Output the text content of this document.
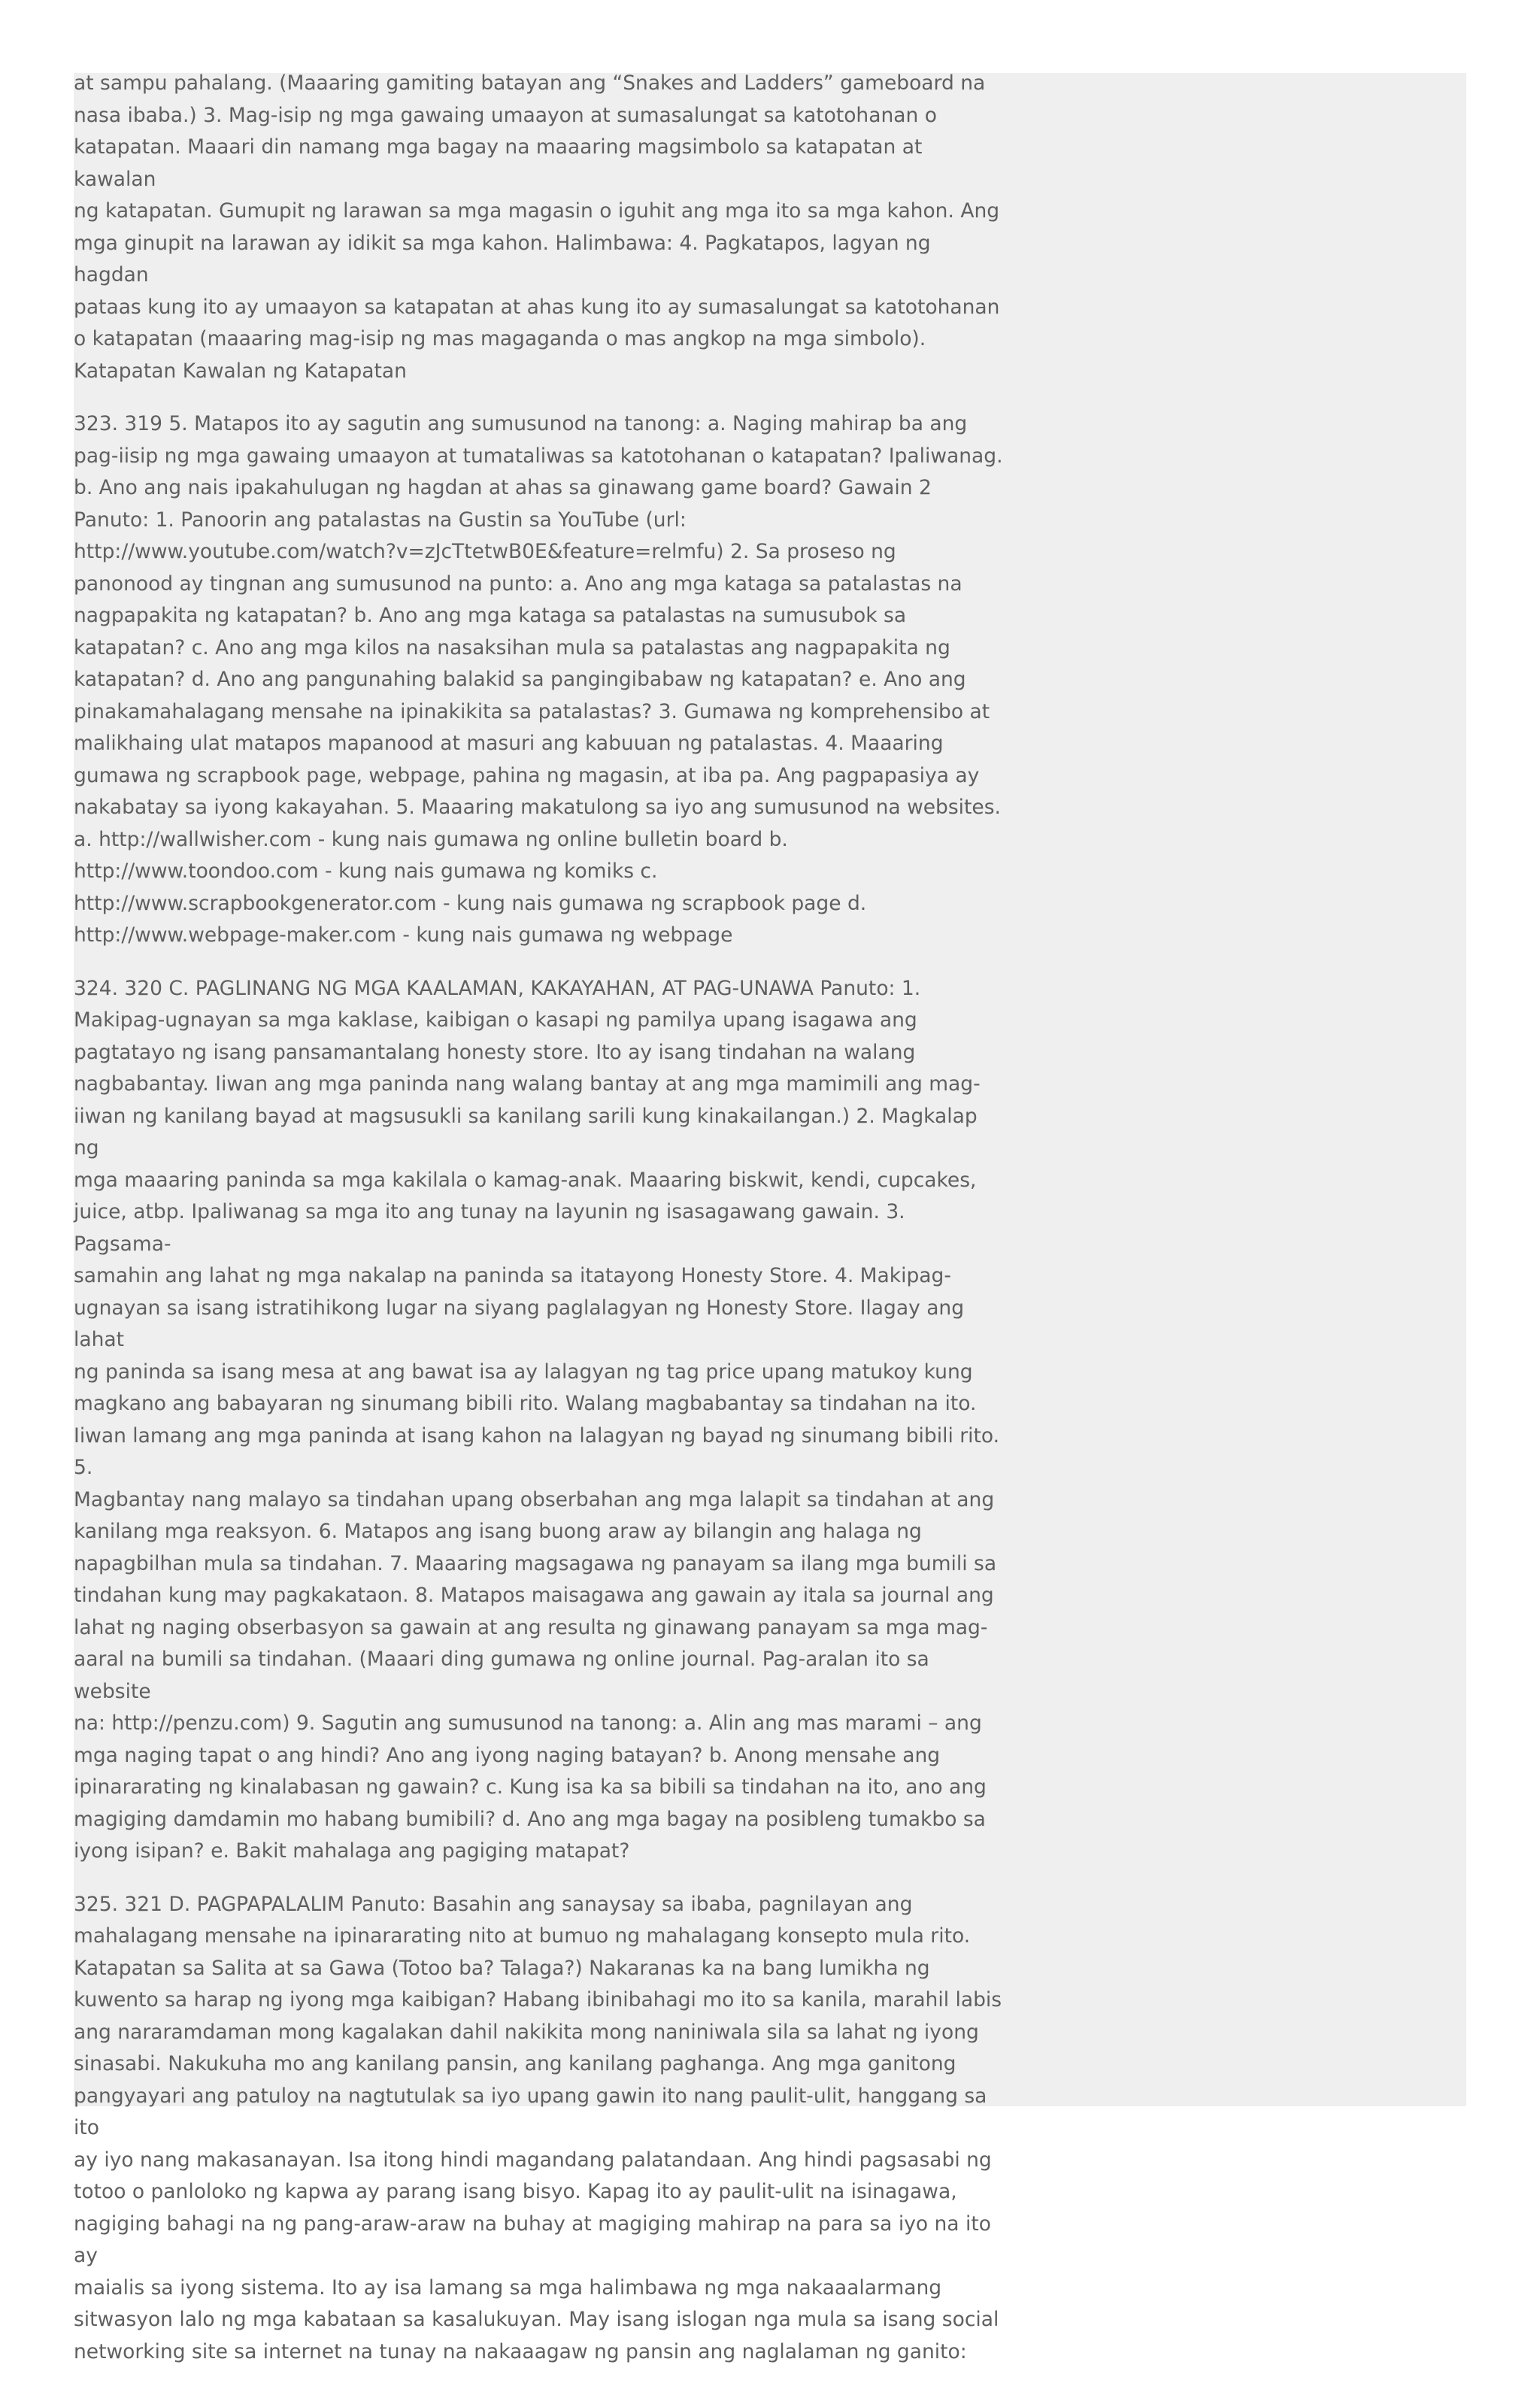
at sampu pahalang. (Maaaring gamiting batayan ang “Snakes and Ladders” gameboard na
nasa ibaba.) 3. Mag-isip ng mga gawaing umaayon at sumasalungat sa katotohanan o
katapatan. Maaari din namang mga bagay na maaaring magsimbolo sa katapatan at kawalan
ng katapatan. Gumupit ng larawan sa mga magasin o iguhit ang mga ito sa mga kahon. Ang
mga ginupit na larawan ay idikit sa mga kahon. Halimbawa: 4. Pagkatapos, lagyan ng hagdan
pataas kung ito ay umaayon sa katapatan at ahas kung ito ay sumasalungat sa katotohanan
o katapatan (maaaring mag-isip ng mas magaganda o mas angkop na mga simbolo).
Katapatan Kawalan ng Katapatan

323. 319 5. Matapos ito ay sagutin ang sumusunod na tanong: a. Naging mahirap ba ang
pag-iisip ng mga gawaing umaayon at tumataliwas sa katotohanan o katapatan? Ipaliwanag.
b. Ano ang nais ipakahulugan ng hagdan at ahas sa ginawang game board? Gawain 2
Panuto: 1. Panoorin ang patalastas na Gustin sa YouTube (url:
http://www.youtube.com/watch?v=zJcTtetwB0E&feature=relmfu) 2. Sa proseso ng
panonood ay tingnan ang sumusunod na punto: a. Ano ang mga kataga sa patalastas na
nagpapakita ng katapatan? b. Ano ang mga kataga sa patalastas na sumusubok sa
katapatan? c. Ano ang mga kilos na nasaksihan mula sa patalastas ang nagpapakita ng
katapatan? d. Ano ang pangunahing balakid sa pangingibabaw ng katapatan? e. Ano ang
pinakamahalagang mensahe na ipinakikita sa patalastas? 3. Gumawa ng komprehensibo at
malikhaing ulat matapos mapanood at masuri ang kabuuan ng patalastas. 4. Maaaring
gumawa ng scrapbook page, webpage, pahina ng magasin, at iba pa. Ang pagpapasiya ay
nakabatay sa iyong kakayahan. 5. Maaaring makatulong sa iyo ang sumusunod na websites.
a. http://wallwisher.com - kung nais gumawa ng online bulletin board b.
http://www.toondoo.com - kung nais gumawa ng komiks c.
http://www.scrapbookgenerator.com - kung nais gumawa ng scrapbook page d.
http://www.webpage-maker.com - kung nais gumawa ng webpage

324. 320 C. PAGLINANG NG MGA KAALAMAN, KAKAYAHAN, AT PAG-UNAWA Panuto: 1.
Makipag-ugnayan sa mga kaklase, kaibigan o kasapi ng pamilya upang isagawa ang
pagtatayo ng isang pansamantalang honesty store. Ito ay isang tindahan na walang
nagbabantay. Iiwan ang mga paninda nang walang bantay at ang mga mamimili ang mag-
iiwan ng kanilang bayad at magsusukli sa kanilang sarili kung kinakailangan.) 2. Magkalap ng
mga maaaring paninda sa mga kakilala o kamag-anak. Maaaring biskwit, kendi, cupcakes,
juice, atbp. Ipaliwanag sa mga ito ang tunay na layunin ng isasagawang gawain. 3. Pagsama-
samahin ang lahat ng mga nakalap na paninda sa itatayong Honesty Store. 4. Makipag-
ugnayan sa isang istratihikong lugar na siyang paglalagyan ng Honesty Store. Ilagay ang lahat
ng paninda sa isang mesa at ang bawat isa ay lalagyan ng tag price upang matukoy kung
magkano ang babayaran ng sinumang bibili rito. Walang magbabantay sa tindahan na ito.
Iiwan lamang ang mga paninda at isang kahon na lalagyan ng bayad ng sinumang bibili rito. 5.
Magbantay nang malayo sa tindahan upang obserbahan ang mga lalapit sa tindahan at ang
kanilang mga reaksyon. 6. Matapos ang isang buong araw ay bilangin ang halaga ng
napagbilhan mula sa tindahan. 7. Maaaring magsagawa ng panayam sa ilang mga bumili sa
tindahan kung may pagkakataon. 8. Matapos maisagawa ang gawain ay itala sa journal ang
lahat ng naging obserbasyon sa gawain at ang resulta ng ginawang panayam sa mga mag-
aaral na bumili sa tindahan. (Maaari ding gumawa ng online journal. Pag-aralan ito sa website
na: http://penzu.com) 9. Sagutin ang sumusunod na tanong: a. Alin ang mas marami – ang
mga naging tapat o ang hindi? Ano ang iyong naging batayan? b. Anong mensahe ang
ipinararating ng kinalabasan ng gawain? c. Kung isa ka sa bibili sa tindahan na ito, ano ang
magiging damdamin mo habang bumibili? d. Ano ang mga bagay na posibleng tumakbo sa
iyong isipan? e. Bakit mahalaga ang pagiging matapat?

325. 321 D. PAGPAPALALIM Panuto: Basahin ang sanaysay sa ibaba, pagnilayan ang
mahalagang mensahe na ipinararating nito at bumuo ng mahalagang konsepto mula rito.
Katapatan sa Salita at sa Gawa (Totoo ba? Talaga?) Nakaranas ka na bang lumikha ng
kuwento sa harap ng iyong mga kaibigan? Habang ibinibahagi mo ito sa kanila, marahil labis
ang nararamdaman mong kagalakan dahil nakikita mong naniniwala sila sa lahat ng iyong
sinasabi. Nakukuha mo ang kanilang pansin, ang kanilang paghanga. Ang mga ganitong
pangyayari ang patuloy na nagtutulak sa iyo upang gawin ito nang paulit-ulit, hanggang sa ito
ay iyo nang makasanayan. Isa itong hindi magandang palatandaan. Ang hindi pagsasabi ng
totoo o panloloko ng kapwa ay parang isang bisyo. Kapag ito ay paulit-ulit na isinagawa,
nagiging bahagi na ng pang-araw-araw na buhay at magiging mahirap na para sa iyo na ito ay
maialis sa iyong sistema. Ito ay isa lamang sa mga halimbawa ng mga nakaaalarmang
sitwasyon lalo ng mga kabataan sa kasalukuyan. May isang islogan nga mula sa isang social
networking site sa internet na tunay na nakaaagaw ng pansin ang naglalaman ng ganito:
